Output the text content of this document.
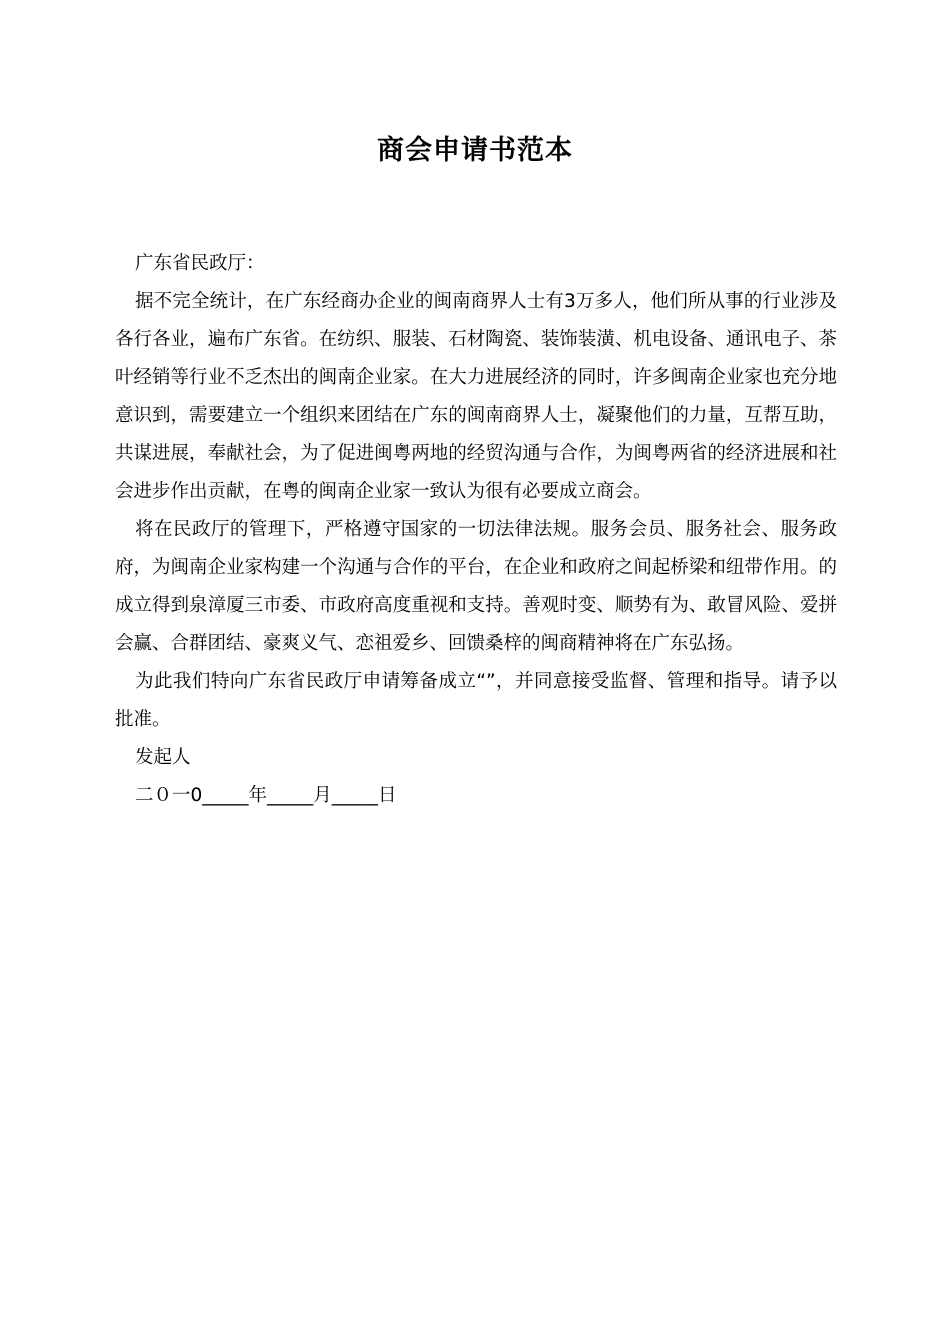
商会申请书范本

广东省民政厅：

据不完全统计，在广东经商办企业的闽南商界人士有3万多人，他们所从事的行业涉及各行各业，遍布广东省。在纺织、服装、石材陶瓷、装饰装潢、机电设备、通讯电子、茶叶经销等行业不乏杰出的闽南企业家。在大力进展经济的同时，许多闽南企业家也充分地意识到，需要建立一个组织来团结在广东的闽南商界人士，凝聚他们的力量，互帮互助，共谋进展，奉献社会，为了促进闽粤两地的经贸沟通与合作，为闽粤两省的经济进展和社会进步作出贡献，在粤的闽南企业家一致认为很有必要成立商会。

将在民政厅的管理下，严格遵守国家的一切法律法规。服务会员、服务社会、服务政府，为闽南企业家构建一个沟通与合作的平台，在企业和政府之间起桥梁和纽带作用。的成立得到泉漳厦三市委、市政府高度重视和支持。善观时变、顺势有为、敢冒风险、爱拼会赢、合群团结、豪爽义气、恋祖爱乡、回馈桑梓的闽商精神将在广东弘扬。

为此我们特向广东省民政厅申请筹备成立“”，并同意接受监督、管理和指导。请予以批准。

发起人

二０一0_____年_____月_____日
